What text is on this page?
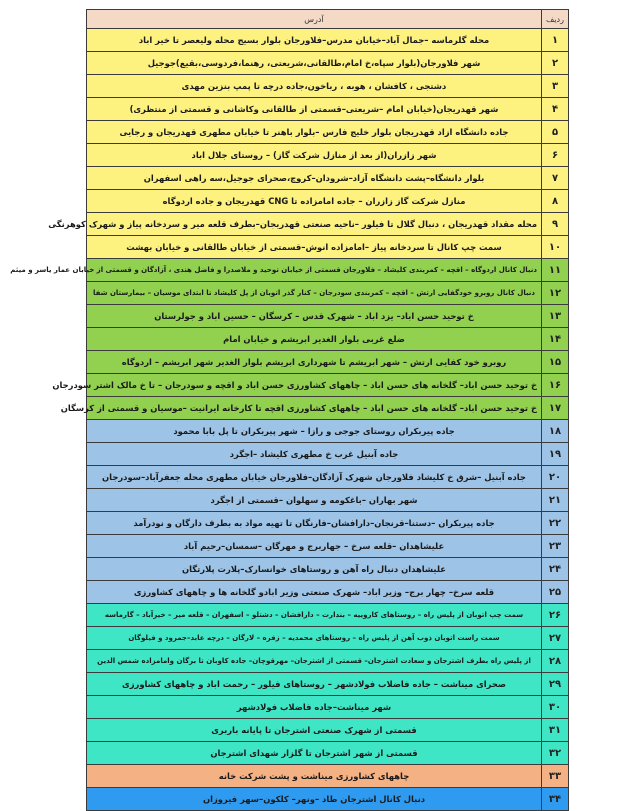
ردیف	آدرس
۱	محله گلرماسه –جمال آباد–خیابان مدرس–فلاورجان بلوار بسیج محله ولیعصر تا خیر اباد
۲	شهر فلاورجان(بلوار سپاه،خ امام،طالقانی،شریعتی، رهنما،فردوسی،بقیع)جوجیل
۳	دشتجی ، کافشان ، هوبه ، رباخون،جاده درچه تا پمپ بنزین مهدی
۴	شهر قهدریجان(خیابان امام –شریعتی–قسمتی از طالقانی وکاشانی و قسمتی از منتظری)
۵	جاده دانشگاه ازاد قهدریجان بلوار خلیج فارس –بلوار باهنر تا خیابان مطهری قهدریجان و رجایی
۶	شهر زازران(از بعد از منازل شرکت گاز) – روستای جلال اباد
۷	بلوار دانشگاه–پشت دانشگاه آزاد–شرودان–کروچ،صحرای جوجیل،سه راهی اسفهران
۸	منازل شرکت گاز زازران – جاده امامزاده تا CNG قهدریجان و جاده اردوگاه
۹	محله مقداد قهدریجان ، دنبال گلال تا فیلور –ناحیه صنعتی قهدریجان–بطرف قلعه میر و سردخانه پیاز و شهرک کوهرنگی
۱۰	سمت چپ کانال تا سردخانه پیاز –امامزاده انوش–قسمتی از خیابان طالقانی و خیابان بهشت
۱۱	دنبال کانال اردوگاه – اقچه – کمربندی کلیشاد – فلاورجان قسمتی از خیابان توحید و ملاصدرا و فاضل هندی ، آزادگان و قسمتی از خیابان عمار یاسر و میثم
۱۲	دنبال کانال روبرو خودگفایی ارتش – اقچه – کمربندی سودرجان – کنار گذر اتوبان از پل کلیشاد تا ابتدای موسیان – بیمارستان شفا
۱۳	خ توحید حسن اباد– یزد اباد – شهرک قدس – کرسگان – حسین اباد و جولرستان
۱۴	ضلع غربی بلوار الغدیر ابریشم و خیابان امام
۱۵	روبرو خود کفایی ارتش – شهر ابریشم تا شهرداری ابریشم بلوار الغدیر شهر ابریشم – اردوگاه
۱۶	خ توحید حسن اباد– گلخانه های حسن اباد – چاههای کشاورزی حسن اباد و اقچه و سودرجان – تا خ مالک اشتر سودرجان
۱۷	خ توحید حسن اباد– گلخانه های حسن اباد – چاههای کشاورزی اقچه تا کارخانه ایرانیت –موسیان و قسمتی از کرسگان
۱۸	جاده پیربکران روستای جوجی و رازا – شهر پیربکران تا پل بابا محمود
۱۹	جاده آبنیل غرب خ مطهری کلیشاد –اجگرد
۲۰	جاده آبنیل –شرق خ کلیشاد فلاورجان شهرک آزادگان–فلاورجان خیابان مطهری محله جعفرآباد–سودرجان
۲۱	شهر بهاران –باغکومه و سهلوان –قسمتی از اجگرد
۲۲	جاده پیربکران –دستنا–قرنجان–دارافشان–فارنگان تا تهیه مواد به بطرف دارگان و نودرآمد
۲۳	علیشاهدان –قلعه سرخ – جهاربرج و مهرگان –سمسان–رحیم آباد
۲۴	علیشاهدان دنبال راه آهن و روستاهای خوانسارک–پلارت پلارتگان
۲۵	قلعه سرخ– چهار برج– وزیر اباد– شهرک صنعتی وزیر ابادو گلخانه ها و چاههای کشاورزی
۲۶	سمت چپ اتوبان از پلیس راه – روستاهای کاروییه – بندارت – دارافشان – دشتلو – اسفهران – قلعه میر – خیرآباد – گارماسه
۲۷	سمت راست اتوبان ذوب آهن از پلیس راه – روستاهای محمدیه – زفره – لارگان – درچه عابد–جمرود و فیلوگان
۲۸	از پلیس راه بطرف اشترجان و سعادت اشترجان– قسمتی از اشترجان– مهرقوچان– جاده کاوبان تا برگان وامامزاده شمس الدین
۲۹	صحرای میناشت – جاده فاضلاب فولادشهر – روستاهای فیلور – رحمت اباد و چاههای کشاورزی
۳۰	شهر میناشت–جاده فاضلاب فولادشهر
۳۱	قسمتی از شهرک صنعتی اشترجان تا پایانه باربری
۳۲	قسمتی از شهر اشترجان تا گلزار شهدای اشترجان
۳۳	چاههای کشاورزی میناشت و پشت شرکت خانه
۳۴	دنبال کانال اشترجان طاد –ونهر– کلکون–سهر فیروزان
